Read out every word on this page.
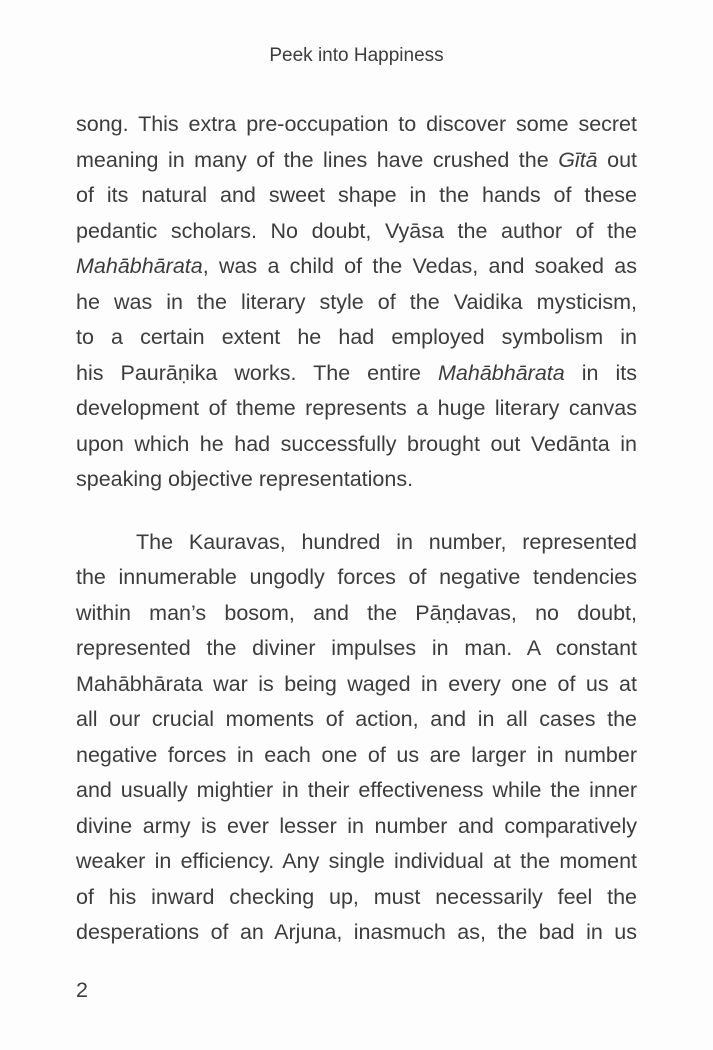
Peek into Happiness
song. This extra pre-occupation to discover some secret
meaning in many of the lines have crushed the Gītā out
of its natural and sweet shape in the hands of these
pedantic scholars. No doubt, Vyāsa the author of the
Mahābhārata, was a child of the Vedas, and soaked as
he was in the literary style of the Vaidika mysticism,
to a certain extent he had employed symbolism in
his Paurāṇika works. The entire Mahābhārata in its
development of theme represents a huge literary canvas
upon which he had successfully brought out Vedānta in
speaking objective representations.
The Kauravas, hundred in number, represented
the innumerable ungodly forces of negative tendencies
within man’s bosom, and the Pāṇḍavas, no doubt,
represented the diviner impulses in man. A constant
Mahābhārata war is being waged in every one of us at
all our crucial moments of action, and in all cases the
negative forces in each one of us are larger in number
and usually mightier in their effectiveness while the inner
divine army is ever lesser in number and comparatively
weaker in efficiency. Any single individual at the moment
of his inward checking up, must necessarily feel the
desperations of an Arjuna, inasmuch as, the bad in us
2
